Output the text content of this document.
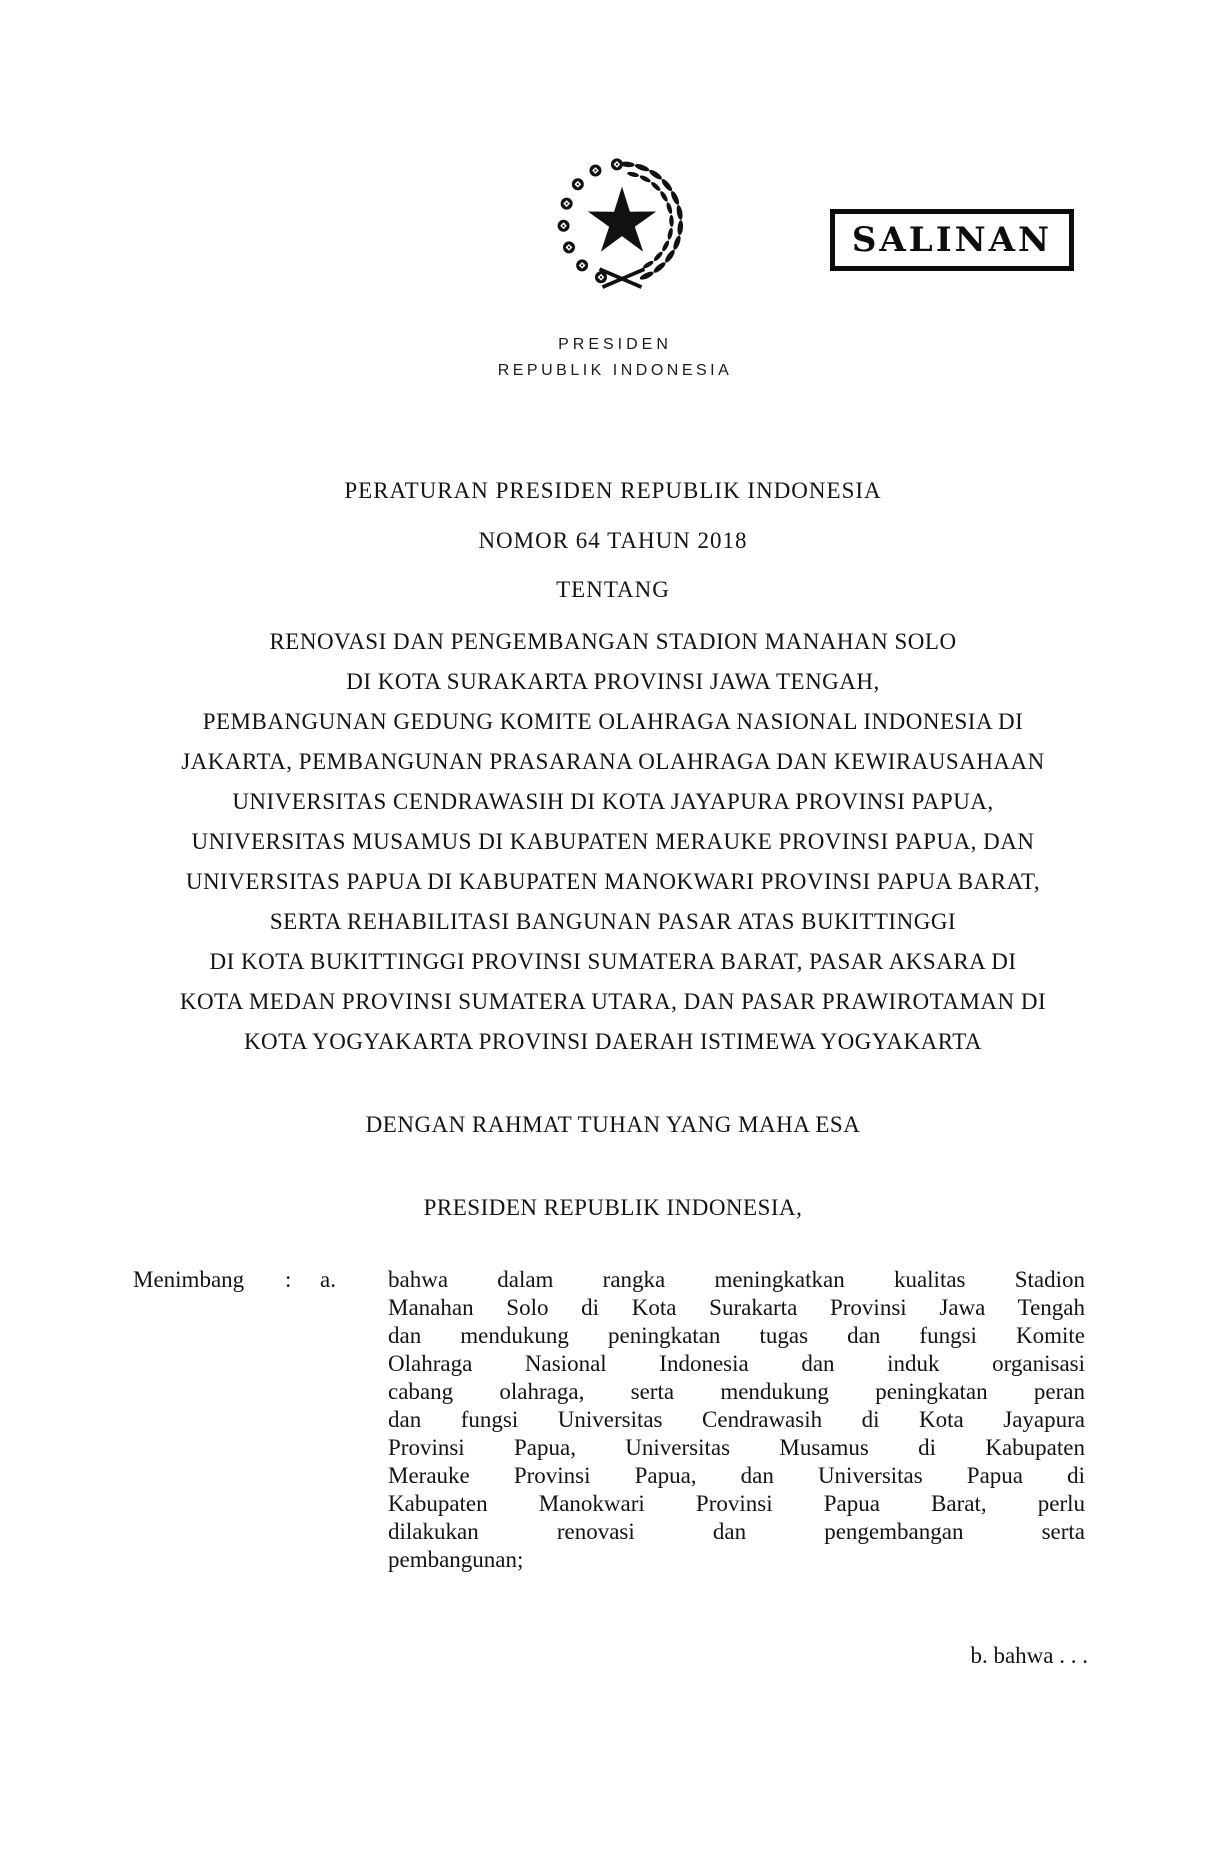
SALINAN
PRESIDEN
REPUBLIK INDONESIA
PERATURAN PRESIDEN REPUBLIK INDONESIA
NOMOR 64 TAHUN 2018
TENTANG
RENOVASI DAN PENGEMBANGAN STADION MANAHAN SOLO
DI KOTA SURAKARTA PROVINSI JAWA TENGAH,
PEMBANGUNAN GEDUNG KOMITE OLAHRAGA NASIONAL INDONESIA DI
JAKARTA, PEMBANGUNAN PRASARANA OLAHRAGA DAN KEWIRAUSAHAAN
UNIVERSITAS CENDRAWASIH DI KOTA JAYAPURA PROVINSI PAPUA,
UNIVERSITAS MUSAMUS DI KABUPATEN MERAUKE PROVINSI PAPUA, DAN
UNIVERSITAS PAPUA DI KABUPATEN MANOKWARI PROVINSI PAPUA BARAT,
SERTA REHABILITASI BANGUNAN PASAR ATAS BUKITTINGGI
DI KOTA BUKITTINGGI PROVINSI SUMATERA BARAT, PASAR AKSARA DI
KOTA MEDAN PROVINSI SUMATERA UTARA, DAN PASAR PRAWIROTAMAN DI
KOTA YOGYAKARTA PROVINSI DAERAH ISTIMEWA YOGYAKARTA
DENGAN RAHMAT TUHAN YANG MAHA ESA
PRESIDEN REPUBLIK INDONESIA,
Menimbang	:	a.	bahwa dalam rangka meningkatkan kualitas Stadion
Manahan Solo di Kota Surakarta Provinsi Jawa Tengah
dan mendukung peningkatan tugas dan fungsi Komite
Olahraga Nasional Indonesia dan induk organisasi
cabang olahraga, serta mendukung peningkatan peran
dan fungsi Universitas Cendrawasih di Kota Jayapura
Provinsi Papua, Universitas Musamus di Kabupaten
Merauke Provinsi Papua, dan Universitas Papua di
Kabupaten Manokwari Provinsi Papua Barat, perlu
dilakukan renovasi dan pengembangan serta
pembangunan;
b. bahwa . . .
